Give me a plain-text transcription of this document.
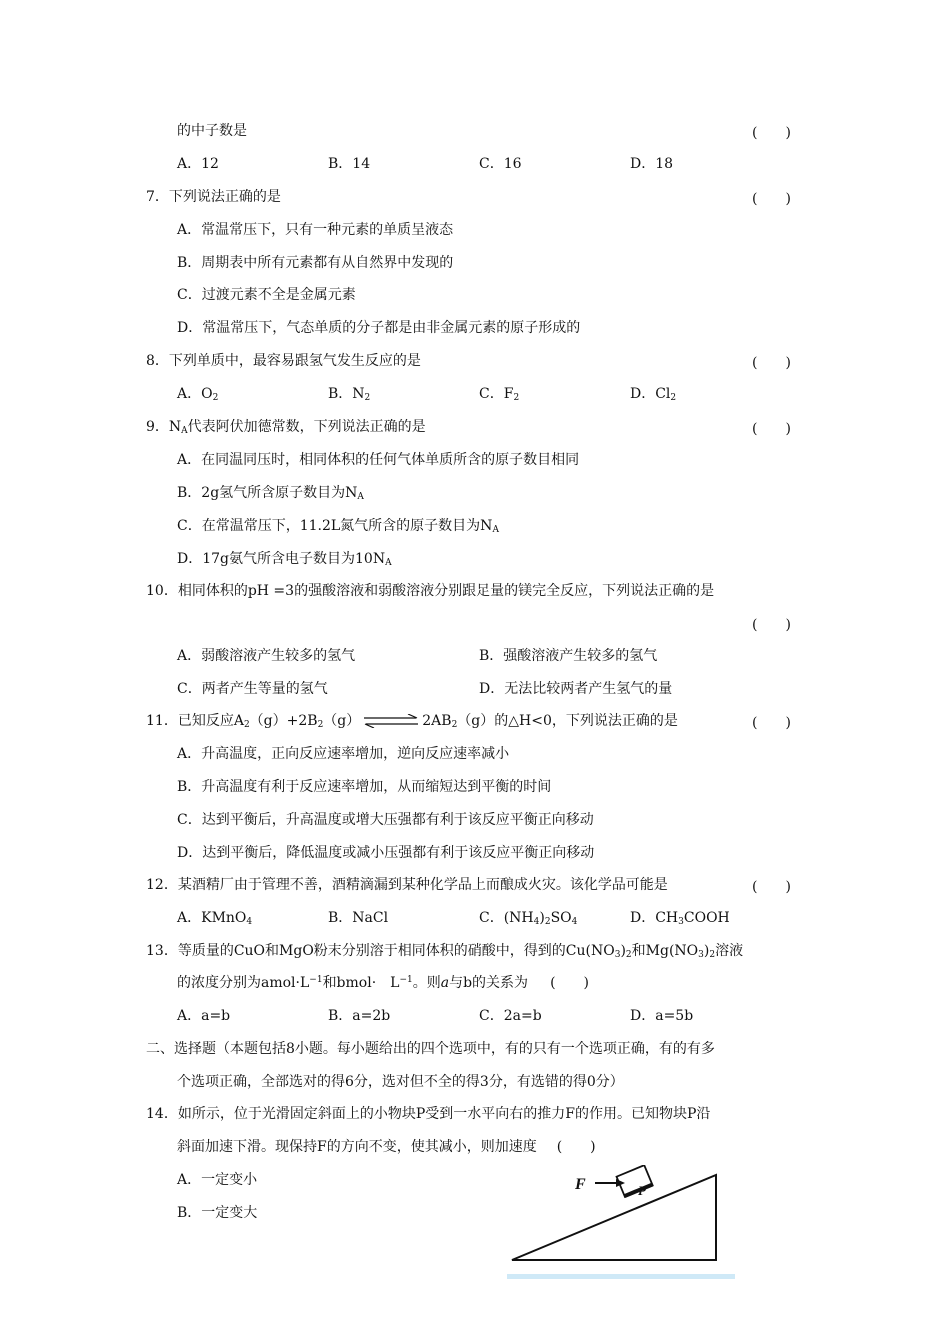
的中子数是	(　　)
A．12	B．14	C．16	D．18
7．下列说法正确的是	(　　)
A．常温常压下，只有一种元素的单质呈液态
B．周期表中所有元素都有从自然界中发现的
C．过渡元素不全是金属元素
D．常温常压下，气态单质的分子都是由非金属元素的原子形成的
8．下列单质中，最容易跟氢气发生反应的是	(　　)
A．$O_2$	B．$N_2$	C．$F_2$	D．$Cl_2$
9．$N_A$代表阿伏加德常数，下列说法正确的是	(　　)
A．在同温同压时，相同体积的任何气体单质所含的原子数目相同
B．2g氢气所含原子数目为$N_A$
C．在常温常压下，11.2L氮气所含的原子数目为$N_A$
D．17g氨气所含电子数目为$10N_A$
10．相同体积的pH =3的强酸溶液和弱酸溶液分别跟足量的镁完全反应，下列说法正确的是
(　　)
A．弱酸溶液产生较多的氢气	B．强酸溶液产生较多的氢气
C．两者产生等量的氢气	D．无法比较两者产生氢气的量
11．已知反应$A_2(g)+2B_2(g)$	$2AB_2(g)$的△H<0，下列说法正确的是	(　　)
A．升高温度，正向反应速率增加，逆向反应速率减小
B．升高温度有利于反应速率增加，从而缩短达到平衡的时间
C．达到平衡后，升高温度或增大压强都有利于该反应平衡正向移动
D．达到平衡后，降低温度或减小压强都有利于该反应平衡正向移动
12．某酒精厂由于管理不善，酒精滴漏到某种化学品上而酿成火灾。该化学品可能是	(　　)
A．KMnO$_4$	B．NaCl	C．$(NH_4)_2SO_4$	D．$CH_3COOH$
13．等质量的CuO和MgO粉末分别溶于相同体积的硝酸中，得到的$Cu(NO_3)_2$和$Mg(NO_3)_2$溶液
的浓度分别为$amol\cdot L^{-1}$和bmol·　$L^{-1}$。则a与b的关系为 (　　)
A．a=b	B．a=2b	C．2a=b	D．a=5b
二、选择题（本题包括8小题。每小题给出的四个选项中，有的只有一个选项正确，有的有多
个选项正确，全部选对的得6分，选对但不全的得3分，有选错的得0分）
14．如所示，位于光滑固定斜面上的小物块P受到一水平向右的推力F的作用。已知物块P沿
斜面加速下滑。现保持F的方向不变，使其减小，则加速度 (　　)
A．一定变小
B．一定变大
F	P
